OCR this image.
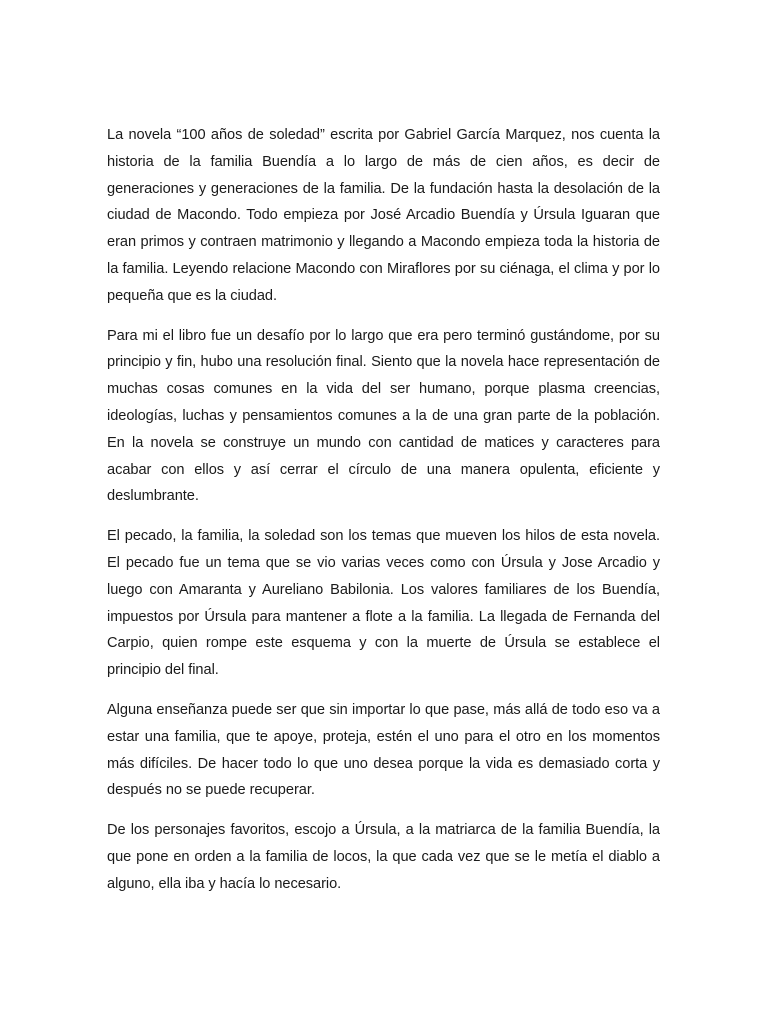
La novela “100 años de soledad” escrita por Gabriel García Marquez, nos cuenta la historia de la familia Buendía a lo largo de más de cien años, es decir de generaciones y generaciones de la familia. De la fundación hasta la desolación de la ciudad de Macondo. Todo empieza por José Arcadio Buendía y Úrsula Iguaran que eran primos y contraen matrimonio y llegando a Macondo empieza toda la historia de la familia. Leyendo relacione Macondo con Miraflores por su ciénaga, el clima y por lo pequeña que es la ciudad.

Para mi el libro fue un desafío por lo largo que era pero terminó gustándome, por su principio y fin, hubo una resolución final. Siento que la novela hace representación de muchas cosas comunes en la vida del ser humano, porque plasma creencias, ideologías, luchas y pensamientos comunes a la de una gran parte de la población. En la novela se construye un mundo con cantidad de matices y caracteres para acabar con ellos y así cerrar el círculo de una manera opulenta, eficiente y deslumbrante.

El pecado, la familia, la soledad son los temas que mueven los hilos de esta novela. El pecado fue un tema que se vio varias veces como con Úrsula y Jose Arcadio y luego con Amaranta y Aureliano Babilonia. Los valores familiares de los Buendía, impuestos por Úrsula para mantener a flote a la familia. La llegada de Fernanda del Carpio, quien rompe este esquema y con la muerte de Úrsula se establece el principio del final.

Alguna enseñanza puede ser que sin importar lo que pase, más allá de todo eso va a estar una familia, que te apoye, proteja, estén el uno para el otro en los momentos más difíciles. De hacer todo lo que uno desea porque la vida es demasiado corta y después no se puede recuperar.

De los personajes favoritos, escojo a Úrsula, a la matriarca de la familia Buendía, la que pone en orden a la familia de locos, la que cada vez que se le metía el diablo a alguno, ella iba y hacía lo necesario.
